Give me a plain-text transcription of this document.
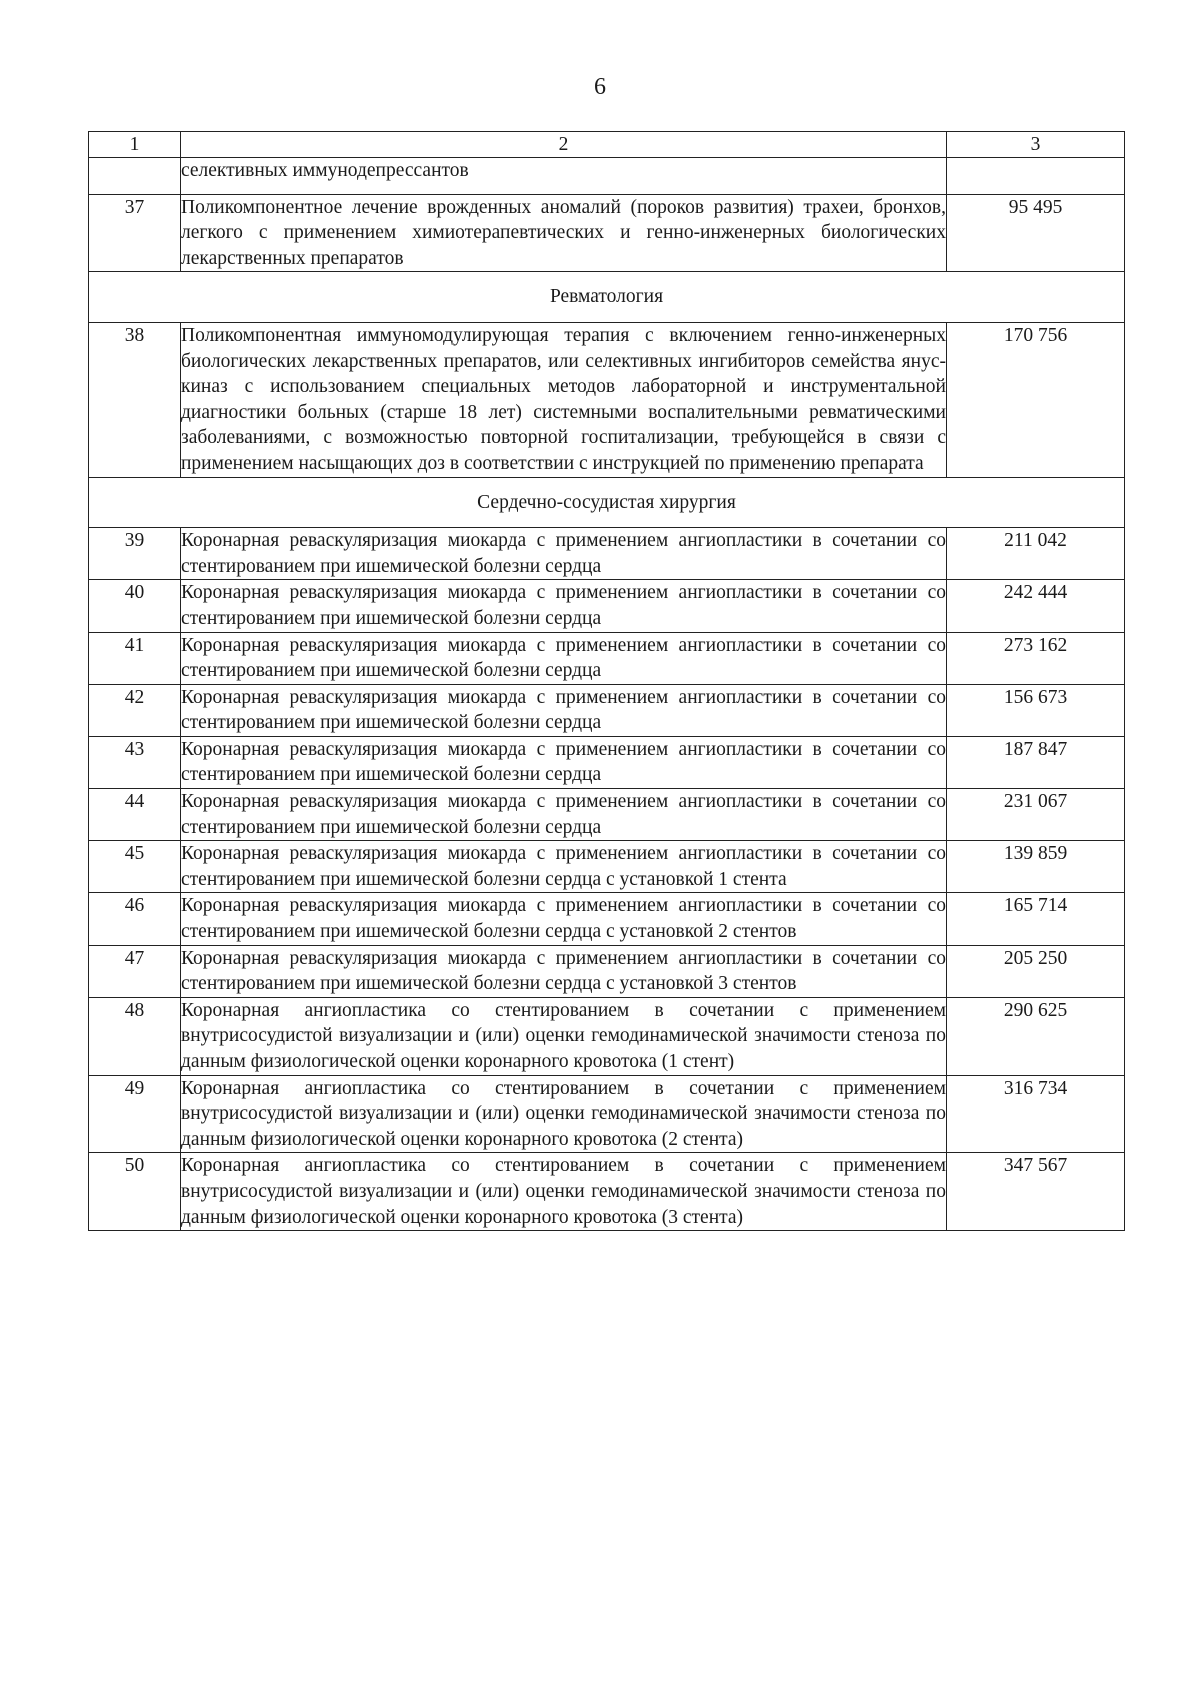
6
1	2	3
	селективных иммунодепрессантов	
37	Поликомпонентное лечение врожденных аномалий (пороков развития) трахеи, бронхов, легкого с применением химиотерапевтических и генно-инженерных биологических лекарственных препаратов	95 495
Ревматология		
38	Поликомпонентная иммуномодулирующая терапия с включением генно-инженерных биологических лекарственных препаратов, или селективных ингибиторов семейства янус-киназ с использованием специальных методов лабораторной и инструментальной диагностики больных (старше 18 лет) системными воспалительными ревматическими заболеваниями, с возможностью повторной госпитализации, требующейся в связи с применением насыщающих доз в соответствии с инструкцией по применению препарата	170 756
Сердечно-сосудистая хирургия		
39	Коронарная реваскуляризация миокарда с применением ангиопластики в сочетании со стентированием при ишемической болезни сердца	211 042
40	Коронарная реваскуляризация миокарда с применением ангиопластики в сочетании со стентированием при ишемической болезни сердца	242 444
41	Коронарная реваскуляризация миокарда с применением ангиопластики в сочетании со стентированием при ишемической болезни сердца	273 162
42	Коронарная реваскуляризация миокарда с применением ангиопластики в сочетании со стентированием при ишемической болезни сердца	156 673
43	Коронарная реваскуляризация миокарда с применением ангиопластики в сочетании со стентированием при ишемической болезни сердца	187 847
44	Коронарная реваскуляризация миокарда с применением ангиопластики в сочетании со стентированием при ишемической болезни сердца	231 067
45	Коронарная реваскуляризация миокарда с применением ангиопластики в сочетании со стентированием при ишемической болезни сердца с установкой 1 стента	139 859
46	Коронарная реваскуляризация миокарда с применением ангиопластики в сочетании со стентированием при ишемической болезни сердца с установкой 2 стентов	165 714
47	Коронарная реваскуляризация миокарда с применением ангиопластики в сочетании со стентированием при ишемической болезни сердца с установкой 3 стентов	205 250
48	Коронарная ангиопластика со стентированием в сочетании с применением внутрисосудистой визуализации и (или) оценки гемодинамической значимости стеноза по данным физиологической оценки коронарного кровотока (1 стент)	290 625
49	Коронарная ангиопластика со стентированием в сочетании с применением внутрисосудистой визуализации и (или) оценки гемодинамической значимости стеноза по данным физиологической оценки коронарного кровотока (2 стента)	316 734
50	Коронарная ангиопластика со стентированием в сочетании с применением внутрисосудистой визуализации и (или) оценки гемодинамической значимости стеноза по данным физиологической оценки коронарного кровотока (3 стента)	347 567
